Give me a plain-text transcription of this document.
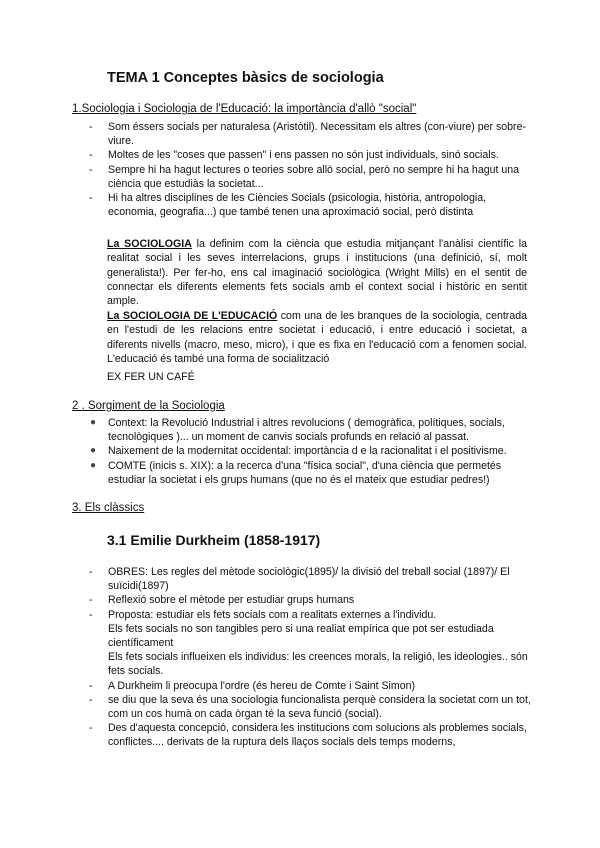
TEMA 1 Conceptes bàsics de sociologia
1.Sociologia i Sociologia de l'Educació: la importància d'allò "social"
- Som éssers socials per naturalesa (Aristòtil). Necessitam els altres (con-viure) per sobre-viure.
- Moltes de les "coses que passen" i ens passen no són just individuals, sinó socials.
- Sempre hi ha hagut lectures o teories sobre allò social, però no sempre hi ha hagut una ciència que estudiàs la societat...
- Hi ha altres disciplines de les Ciències Socials (psicologia, història, antropologia, economia, geografia...) que també tenen una aproximació social, però distinta

La SOCIOLOGIA la definim com la ciència que estudia mitjançant l'anàlisi científic la realitat social i les seves interrelacions, grups i institucions (una definició, sí, molt generalista!). Per fer-ho, ens cal imaginació sociològica (Wright Mills) en el sentit de connectar els diferents elements fets socials amb el context social i històric en sentit ample.

La SOCIOLOGIA DE L'EDUCACIÓ com una de les branques de la sociologia, centrada en l'estudi de les relacions entre societat i educació, i entre educació i societat, a diferents nivells (macro, meso, micro), i que es fixa en l'educació com a fenomen social. L'educació és també una forma de socialització

EX FER UN CAFÉ

2 . Sorgiment de la Sociologia
● Context: la Revolució Industrial i altres revolucions ( demogràfica, polítiques, socials, tecnològiques )... un moment de canvis socials profunds en relació al passat.
● Naixement de la modernitat occidental: importància d e la racionalitat i el positivisme.
● COMTE (inicis s. XIX): a la recerca d'una "física social", d'una ciència que permetés estudiar la societat i els grups humans (que no és el mateix que estudiar pedres!)
3. Els clàssics
3.1 Emilie Durkheim (1858-1917)
- OBRES: Les regles del mètode sociològic(1895)/ la divisió del treball social (1897)/ El suïcidi(1897)
- Reflexió sobre el mètode per estudiar grups humans
- Proposta: estudiar els fets socials com a realitats externes a l'individu.
Els fets socials no son tangibles pero si una realiat empírica que pot ser estudiada científicament
Els fets socials influeixen els individus: les creences morals, la religió, les ideologies.. són fets socials.
- A Durkheim li preocupa l'ordre (és hereu de Comte i Saint Simon)
- se diu que la seva és una sociologia funcionalista perquè considera la societat com un tot, com un cos humà on cada òrgan té la seva funció (social).
- Des d'aquesta concepció, considera les institucions com solucions als problemes socials, conflictes.... derivats de la ruptura dels llaços socials dels temps moderns,
